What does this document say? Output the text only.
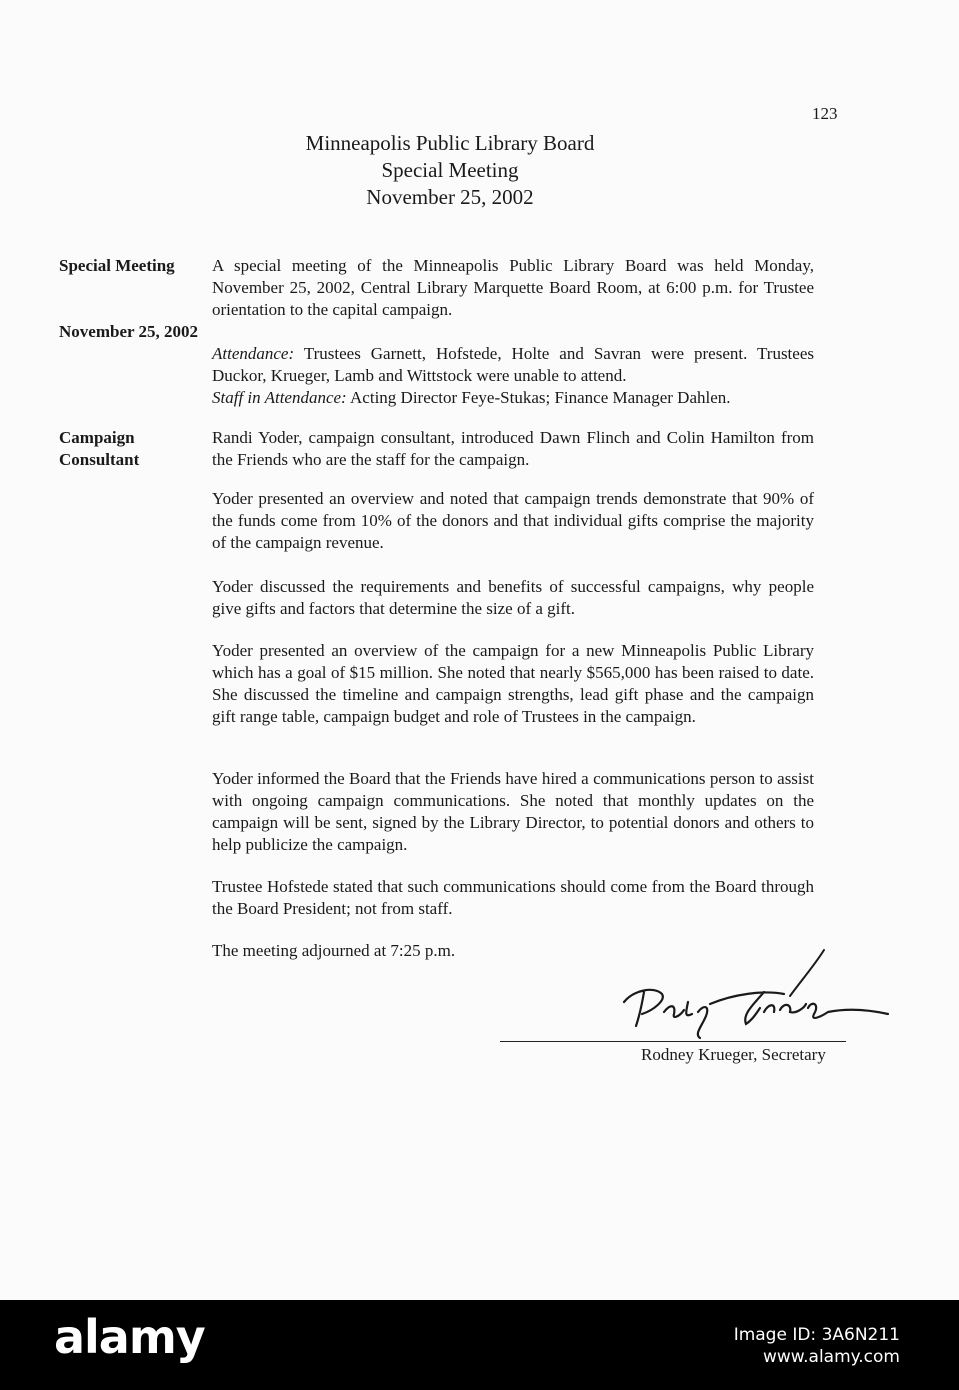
123
Minneapolis Public Library Board
Special Meeting
November 25, 2002
Special Meeting
November 25, 2002
Campaign
Consultant

A special meeting of the Minneapolis Public Library Board was held Monday, November 25, 2002, Central Library Marquette Board Room, at 6:00 p.m. for Trustee orientation to the capital campaign.

Attendance: Trustees Garnett, Hofstede, Holte and Savran were present. Trustees Duckor, Krueger, Lamb and Wittstock were unable to attend.

Staff in Attendance: Acting Director Feye-Stukas; Finance Manager Dahlen.

Randi Yoder, campaign consultant, introduced Dawn Flinch and Colin Hamilton from the Friends who are the staff for the campaign.

Yoder presented an overview and noted that campaign trends demonstrate that 90% of the funds come from 10% of the donors and that individual gifts comprise the majority of the campaign revenue.

Yoder discussed the requirements and benefits of successful campaigns, why people give gifts and factors that determine the size of a gift.

Yoder presented an overview of the campaign for a new Minneapolis Public Library which has a goal of $15 million. She noted that nearly $565,000 has been raised to date. She discussed the timeline and campaign strengths, lead gift phase and the campaign gift range table, campaign budget and role of Trustees in the campaign.

Yoder informed the Board that the Friends have hired a communications person to assist with ongoing campaign communications. She noted that monthly updates on the campaign will be sent, signed by the Library Director, to potential donors and others to help publicize the campaign.

Trustee Hofstede stated that such communications should come from the Board through the Board President; not from staff.

The meeting adjourned at 7:25 p.m.

Rodney Krueger, Secretary
alamy	Image ID: 3A6N211
www.alamy.com
